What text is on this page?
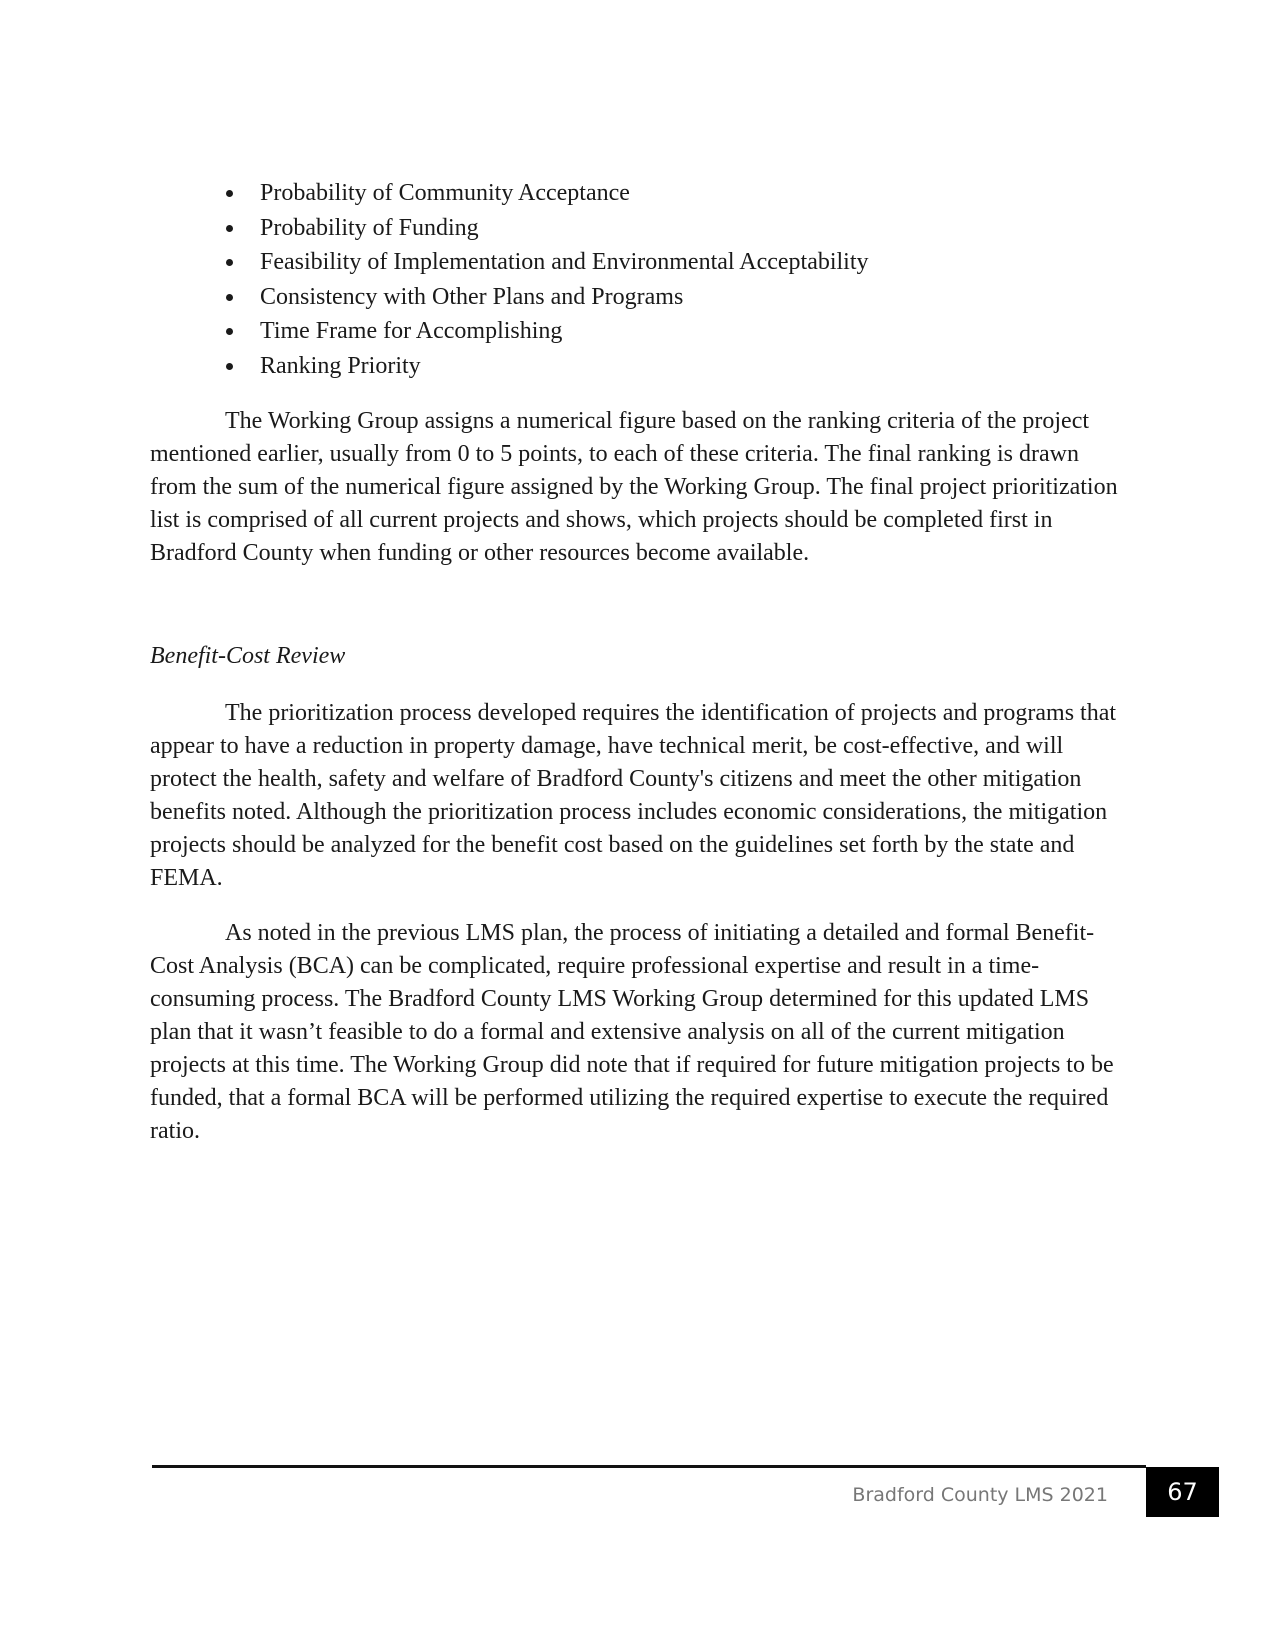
Probability of Community Acceptance
Probability of Funding
Feasibility of Implementation and Environmental Acceptability
Consistency with Other Plans and Programs
Time Frame for Accomplishing
Ranking Priority

The Working Group assigns a numerical figure based on the ranking criteria of the project mentioned earlier, usually from 0 to 5 points, to each of these criteria. The final ranking is drawn from the sum of the numerical figure assigned by the Working Group. The final project prioritization list is comprised of all current projects and shows, which projects should be completed first in Bradford County when funding or other resources become available.

Benefit-Cost Review

The prioritization process developed requires the identification of projects and programs that appear to have a reduction in property damage, have technical merit, be cost-effective, and will protect the health, safety and welfare of Bradford County's citizens and meet the other mitigation benefits noted. Although the prioritization process includes economic considerations, the mitigation projects should be analyzed for the benefit cost based on the guidelines set forth by the state and FEMA.

As noted in the previous LMS plan, the process of initiating a detailed and formal Benefit-Cost Analysis (BCA) can be complicated, require professional expertise and result in a time-consuming process. The Bradford County LMS Working Group determined for this updated LMS plan that it wasn’t feasible to do a formal and extensive analysis on all of the current mitigation projects at this time. The Working Group did note that if required for future mitigation projects to be funded, that a formal BCA will be performed utilizing the required expertise to execute the required ratio.

Bradford County LMS 2021	67
